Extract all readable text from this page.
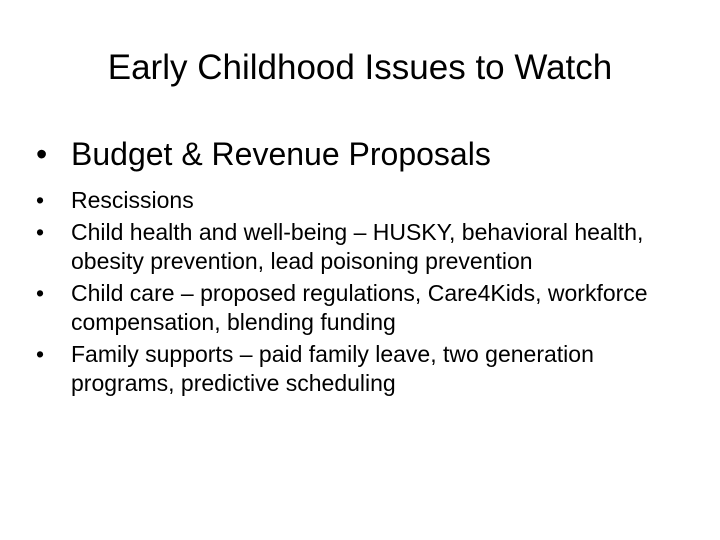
Early Childhood Issues to Watch
• Budget & Revenue Proposals
• Rescissions
• Child health and well-being – HUSKY, behavioral health, obesity prevention, lead poisoning prevention
• Child care – proposed regulations, Care4Kids, workforce compensation, blending funding
• Family supports – paid family leave, two generation programs, predictive scheduling
